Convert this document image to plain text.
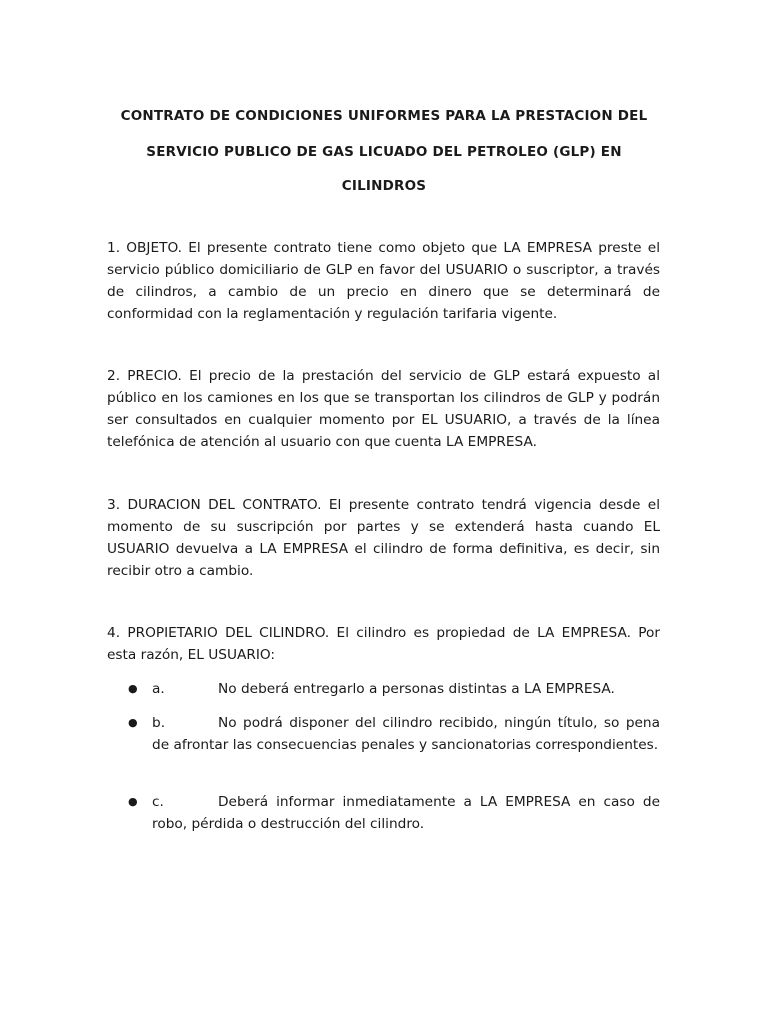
CONTRATO DE CONDICIONES UNIFORMES PARA LA PRESTACION DEL

SERVICIO PUBLICO DE GAS LICUADO DEL PETROLEO (GLP) EN

CILINDROS

1. OBJETO. El presente contrato tiene como objeto que LA EMPRESA preste el servicio público domiciliario de GLP en favor del USUARIO o suscriptor, a través de cilindros, a cambio de un precio en dinero que se determinará de conformidad con la reglamentación y regulación tarifaria vigente.

2. PRECIO. El precio de la prestación del servicio de GLP estará expuesto al público en los camiones en los que se transportan los cilindros de GLP y podrán ser consultados en cualquier momento por EL USUARIO, a través de la línea telefónica de atención al usuario con que cuenta LA EMPRESA.

3. DURACION DEL CONTRATO. El presente contrato tendrá vigencia desde el momento de su suscripción por partes y se extenderá hasta cuando EL USUARIO devuelva a LA EMPRESA el cilindro de forma definitiva, es decir, sin recibir otro a cambio.

4. PROPIETARIO DEL CILINDRO. El cilindro es propiedad de LA EMPRESA. Por esta razón, EL USUARIO:

● a.	No deberá entregarlo a personas distintas a LA EMPRESA.
● b.	No podrá disponer del cilindro recibido, ningún título, so pena de afrontar las consecuencias penales y sancionatorias correspondientes.
● c.	Deberá informar inmediatamente a LA EMPRESA en caso de robo, pérdida o destrucción del cilindro.
